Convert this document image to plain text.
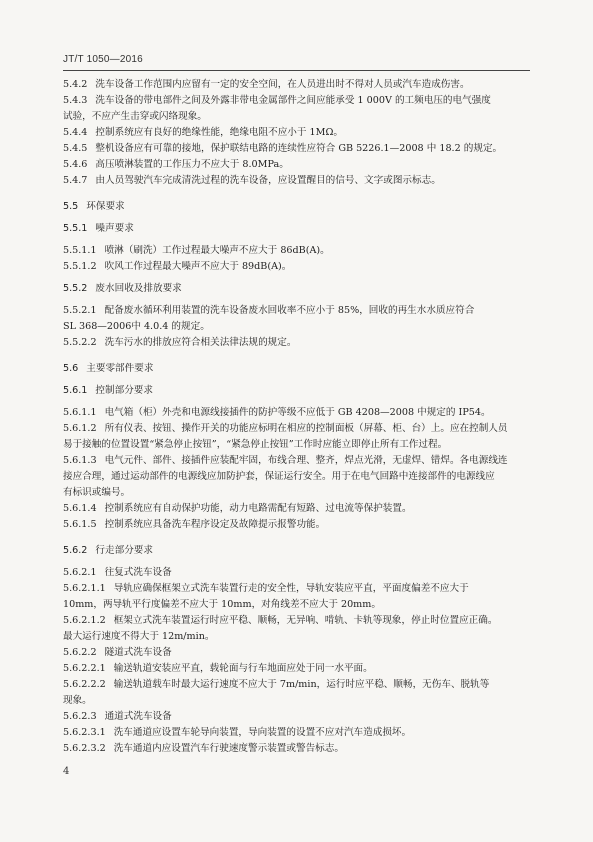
JT/T 1050—2016
5.4.2 洗车设备工作范围内应留有一定的安全空间，在人员进出时不得对人员或汽车造成伤害。
5.4.3 洗车设备的带电部件之间及外露非带电金属部件之间应能承受 1 000V 的工频电压的电气强度
试验，不应产生击穿或闪络现象。
5.4.4 控制系统应有良好的绝缘性能，绝缘电阻不应小于 1MΩ。
5.4.5 整机设备应有可靠的接地，保护联结电路的连续性应符合 GB 5226.1—2008 中 18.2 的规定。
5.4.6 高压喷淋装置的工作压力不应大于 8.0MPa。
5.4.7 由人员驾驶汽车完成清洗过程的洗车设备，应设置醒目的信号、文字或图示标志。
5.5 环保要求
5.5.1 噪声要求
5.5.1.1 喷淋（刷洗）工作过程最大噪声不应大于 86dB(A)。
5.5.1.2 吹风工作过程最大噪声不应大于 89dB(A)。
5.5.2 废水回收及排放要求
5.5.2.1 配备废水循环利用装置的洗车设备废水回收率不应小于 85%，回收的再生水水质应符合
SL 368—2006中 4.0.4 的规定。
5.5.2.2 洗车污水的排放应符合相关法律法规的规定。
5.6 主要零部件要求
5.6.1 控制部分要求
5.6.1.1 电气箱（柜）外壳和电源线接插件的防护等级不应低于 GB 4208—2008 中规定的 IP54。
5.6.1.2 所有仪表、按钮、操作开关的功能应标明在相应的控制面板（屏幕、柜、台）上。应在控制人员
易于接触的位置设置“紧急停止按钮”，“紧急停止按钮”工作时应能立即停止所有工作过程。
5.6.1.3 电气元件、部件、接插件应装配牢固，布线合理、整齐，焊点光滑，无虚焊、错焊。各电源线连
接应合理，通过运动部件的电源线应加防护套，保证运行安全。用于在电气回路中连接部件的电源线应
有标识或编号。
5.6.1.4 控制系统应有自动保护功能，动力电路需配有短路、过电流等保护装置。
5.6.1.5 控制系统应具备洗车程序设定及故障提示报警功能。
5.6.2 行走部分要求
5.6.2.1 往复式洗车设备
5.6.2.1.1 导轨应确保框架立式洗车装置行走的安全性，导轨安装应平直，平面度偏差不应大于
10mm，两导轨平行度偏差不应大于 10mm，对角线差不应大于 20mm。
5.6.2.1.2 框架立式洗车装置运行时应平稳、顺畅，无异响、啃轨、卡轨等现象，停止时位置应正确。
最大运行速度不得大于 12m/min。
5.6.2.2 隧道式洗车设备
5.6.2.2.1 输送轨道安装应平直，载轮面与行车地面应处于同一水平面。
5.6.2.2.2 输送轨道载车时最大运行速度不应大于 7m/min，运行时应平稳、顺畅，无伤车、脱轨等
现象。
5.6.2.3 通道式洗车设备
5.6.2.3.1 洗车通道应设置车轮导向装置，导向装置的设置不应对汽车造成损坏。
5.6.2.3.2 洗车通道内应设置汽车行驶速度警示装置或警告标志。
4
